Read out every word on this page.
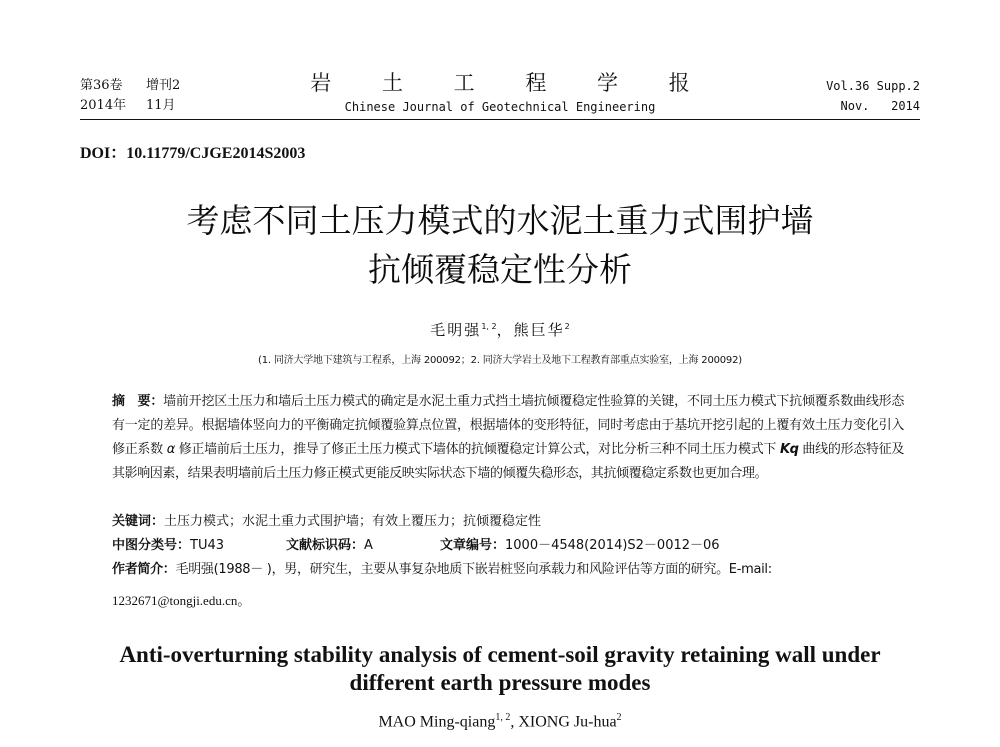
第36卷 增刊2
2014年 11月
岩 土 工 程 学 报
Chinese Journal of Geotechnical Engineering
Vol.36 Supp.2
Nov. 2014
DOI：10.11779/CJGE2014S2003
考虑不同土压力模式的水泥土重力式围护墙
抗倾覆稳定性分析
毛明强$^{1, 2}$，熊巨华$^2$
(1. 同济大学地下建筑与工程系，上海 200092；2. 同济大学岩土及地下工程教育部重点实验室，上海 200092)
摘　要：墙前开挖区土压力和墙后土压力模式的确定是水泥土重力式挡土墙抗倾覆稳定性验算的关键，不同土压力模式下抗倾覆系数曲线形态有一定的差异。根据墙体竖向力的平衡确定抗倾覆验算点位置，根据墙体的变形特征，同时考虑由于基坑开挖引起的上覆有效土压力变化引入修正系数 α 修正墙前后土压力，推导了修正土压力模式下墙体的抗倾覆稳定计算公式，对比分析三种不同土压力模式下 Kq 曲线的形态特征及其影响因素，结果表明墙前后土压力修正模式更能反映实际状态下墙的倾覆失稳形态，其抗倾覆稳定系数也更加合理。
关键词：土压力模式；水泥土重力式围护墙；有效上覆压力；抗倾覆稳定性
中图分类号：TU43	文献标识码：A	文章编号：1000－4548(2014)S2－0012－06
作者简介：毛明强(1988－ )，男，研究生，主要从事复杂地质下嵌岩桩竖向承载力和风险评估等方面的研究。E-mail:
1232671@tongji.edu.cn。
Anti-overturning stability analysis of cement-soil gravity retaining wall under
different earth pressure modes
MAO Ming-qiang$^{1, 2}$, XIONG Ju-hua$^2$
